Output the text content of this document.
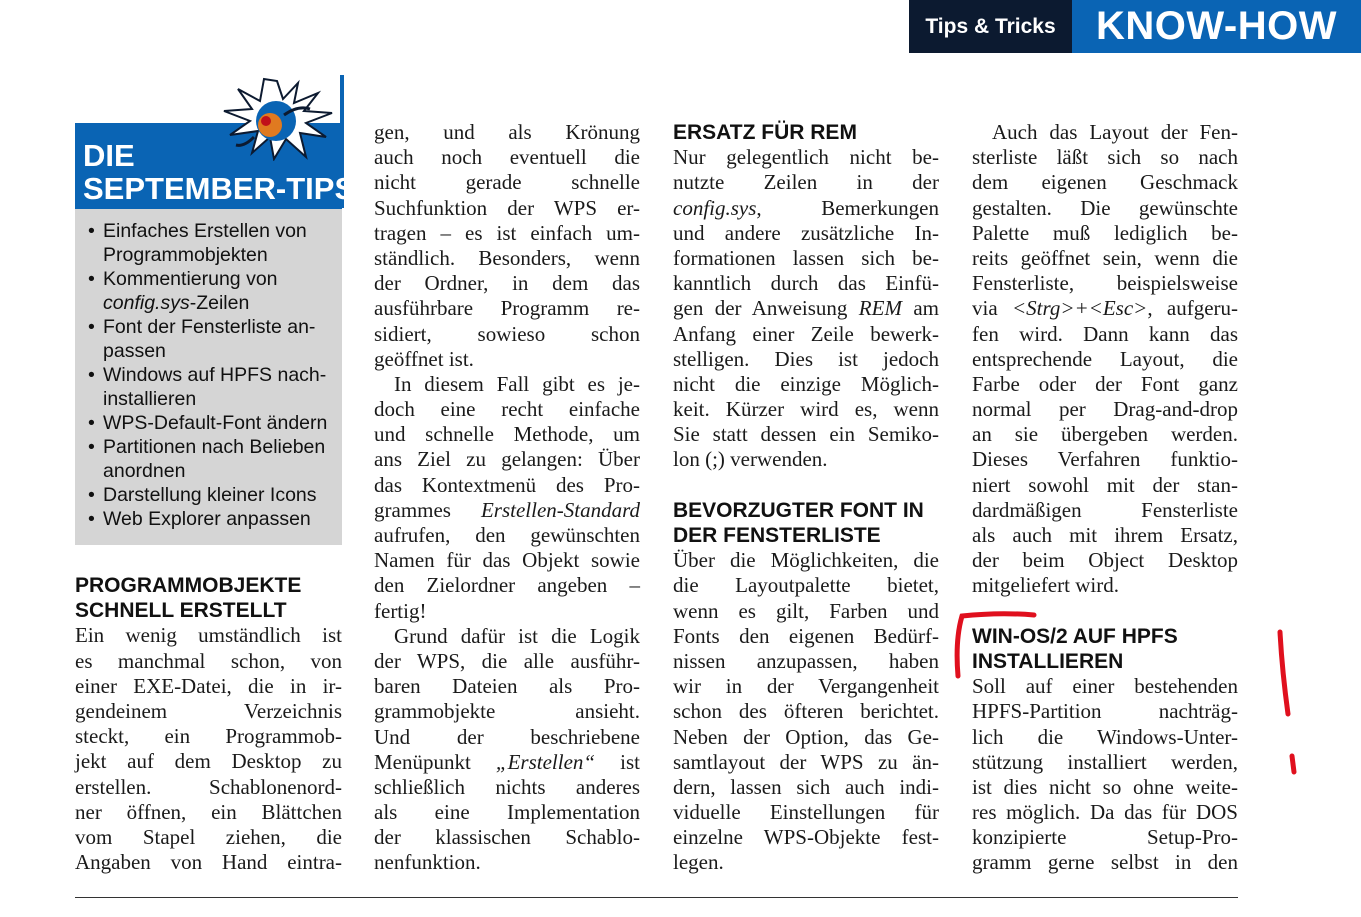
Tips & Tricks	KNOW-HOW
DIE
SEPTEMBER-TIPS
• Einfaches Erstellen von
Programmobjekten
• Kommentierung von
config.sys-Zeilen
• Font der Fensterliste an-
passen
• Windows auf HPFS nach-
installieren
• WPS-Default-Font ändern
• Partitionen nach Belieben
anordnen
• Darstellung kleiner Icons
• Web Explorer anpassen
PROGRAMMOBJEKTE
SCHNELL ERSTELLT
Ein wenig umständlich ist
es manchmal schon, von
einer EXE-Datei, die in ir-
gendeinem Verzeichnis
steckt, ein Programmob-
jekt auf dem Desktop zu
erstellen. Schablonenord-
ner öffnen, ein Blättchen
vom Stapel ziehen, die
Angaben von Hand eintra-
gen, und als Krönung
auch noch eventuell die
nicht gerade schnelle
Suchfunktion der WPS er-
tragen – es ist einfach um-
ständlich. Besonders, wenn
der Ordner, in dem das
ausführbare Programm re-
sidiert, sowieso schon
geöffnet ist.
In diesem Fall gibt es je-
doch eine recht einfache
und schnelle Methode, um
ans Ziel zu gelangen: Über
das Kontextmenü des Pro-
grammes Erstellen-Standard
aufrufen, den gewünschten
Namen für das Objekt sowie
den Zielordner angeben –
fertig!
Grund dafür ist die Logik
der WPS, die alle ausführ-
baren Dateien als Pro-
grammobjekte ansieht.
Und der beschriebene
Menüpunkt „Erstellen“ ist
schließlich nichts anderes
als eine Implementation
der klassischen Schablo-
nenfunktion.
ERSATZ FÜR REM
Nur gelegentlich nicht be-
nutzte Zeilen in der
config.sys, Bemerkungen
und andere zusätzliche In-
formationen lassen sich be-
kanntlich durch das Einfü-
gen der Anweisung REM am
Anfang einer Zeile bewerk-
stelligen. Dies ist jedoch
nicht die einzige Möglich-
keit. Kürzer wird es, wenn
Sie statt dessen ein Semiko-
lon (;) verwenden.
BEVORZUGTER FONT IN
DER FENSTERLISTE
Über die Möglichkeiten, die
die Layoutpalette bietet,
wenn es gilt, Farben und
Fonts den eigenen Bedürf-
nissen anzupassen, haben
wir in der Vergangenheit
schon des öfteren berichtet.
Neben der Option, das Ge-
samtlayout der WPS zu än-
dern, lassen sich auch indi-
viduelle Einstellungen für
einzelne WPS-Objekte fest-
legen.
Auch das Layout der Fen-
sterliste läßt sich so nach
dem eigenen Geschmack
gestalten. Die gewünschte
Palette muß lediglich be-
reits geöffnet sein, wenn die
Fensterliste, beispielsweise
via <Strg>+<Esc>, aufgeru-
fen wird. Dann kann das
entsprechende Layout, die
Farbe oder der Font ganz
normal per Drag-and-drop
an sie übergeben werden.
Dieses Verfahren funktio-
niert sowohl mit der stan-
dardmäßigen Fensterliste
als auch mit ihrem Ersatz,
der beim Object Desktop
mitgeliefert wird.
WIN-OS/2 AUF HPFS
INSTALLIEREN
Soll auf einer bestehenden
HPFS-Partition nachträg-
lich die Windows-Unter-
stützung installiert werden,
ist dies nicht so ohne weite-
res möglich. Da das für DOS
konzipierte Setup-Pro-
gramm gerne selbst in den
